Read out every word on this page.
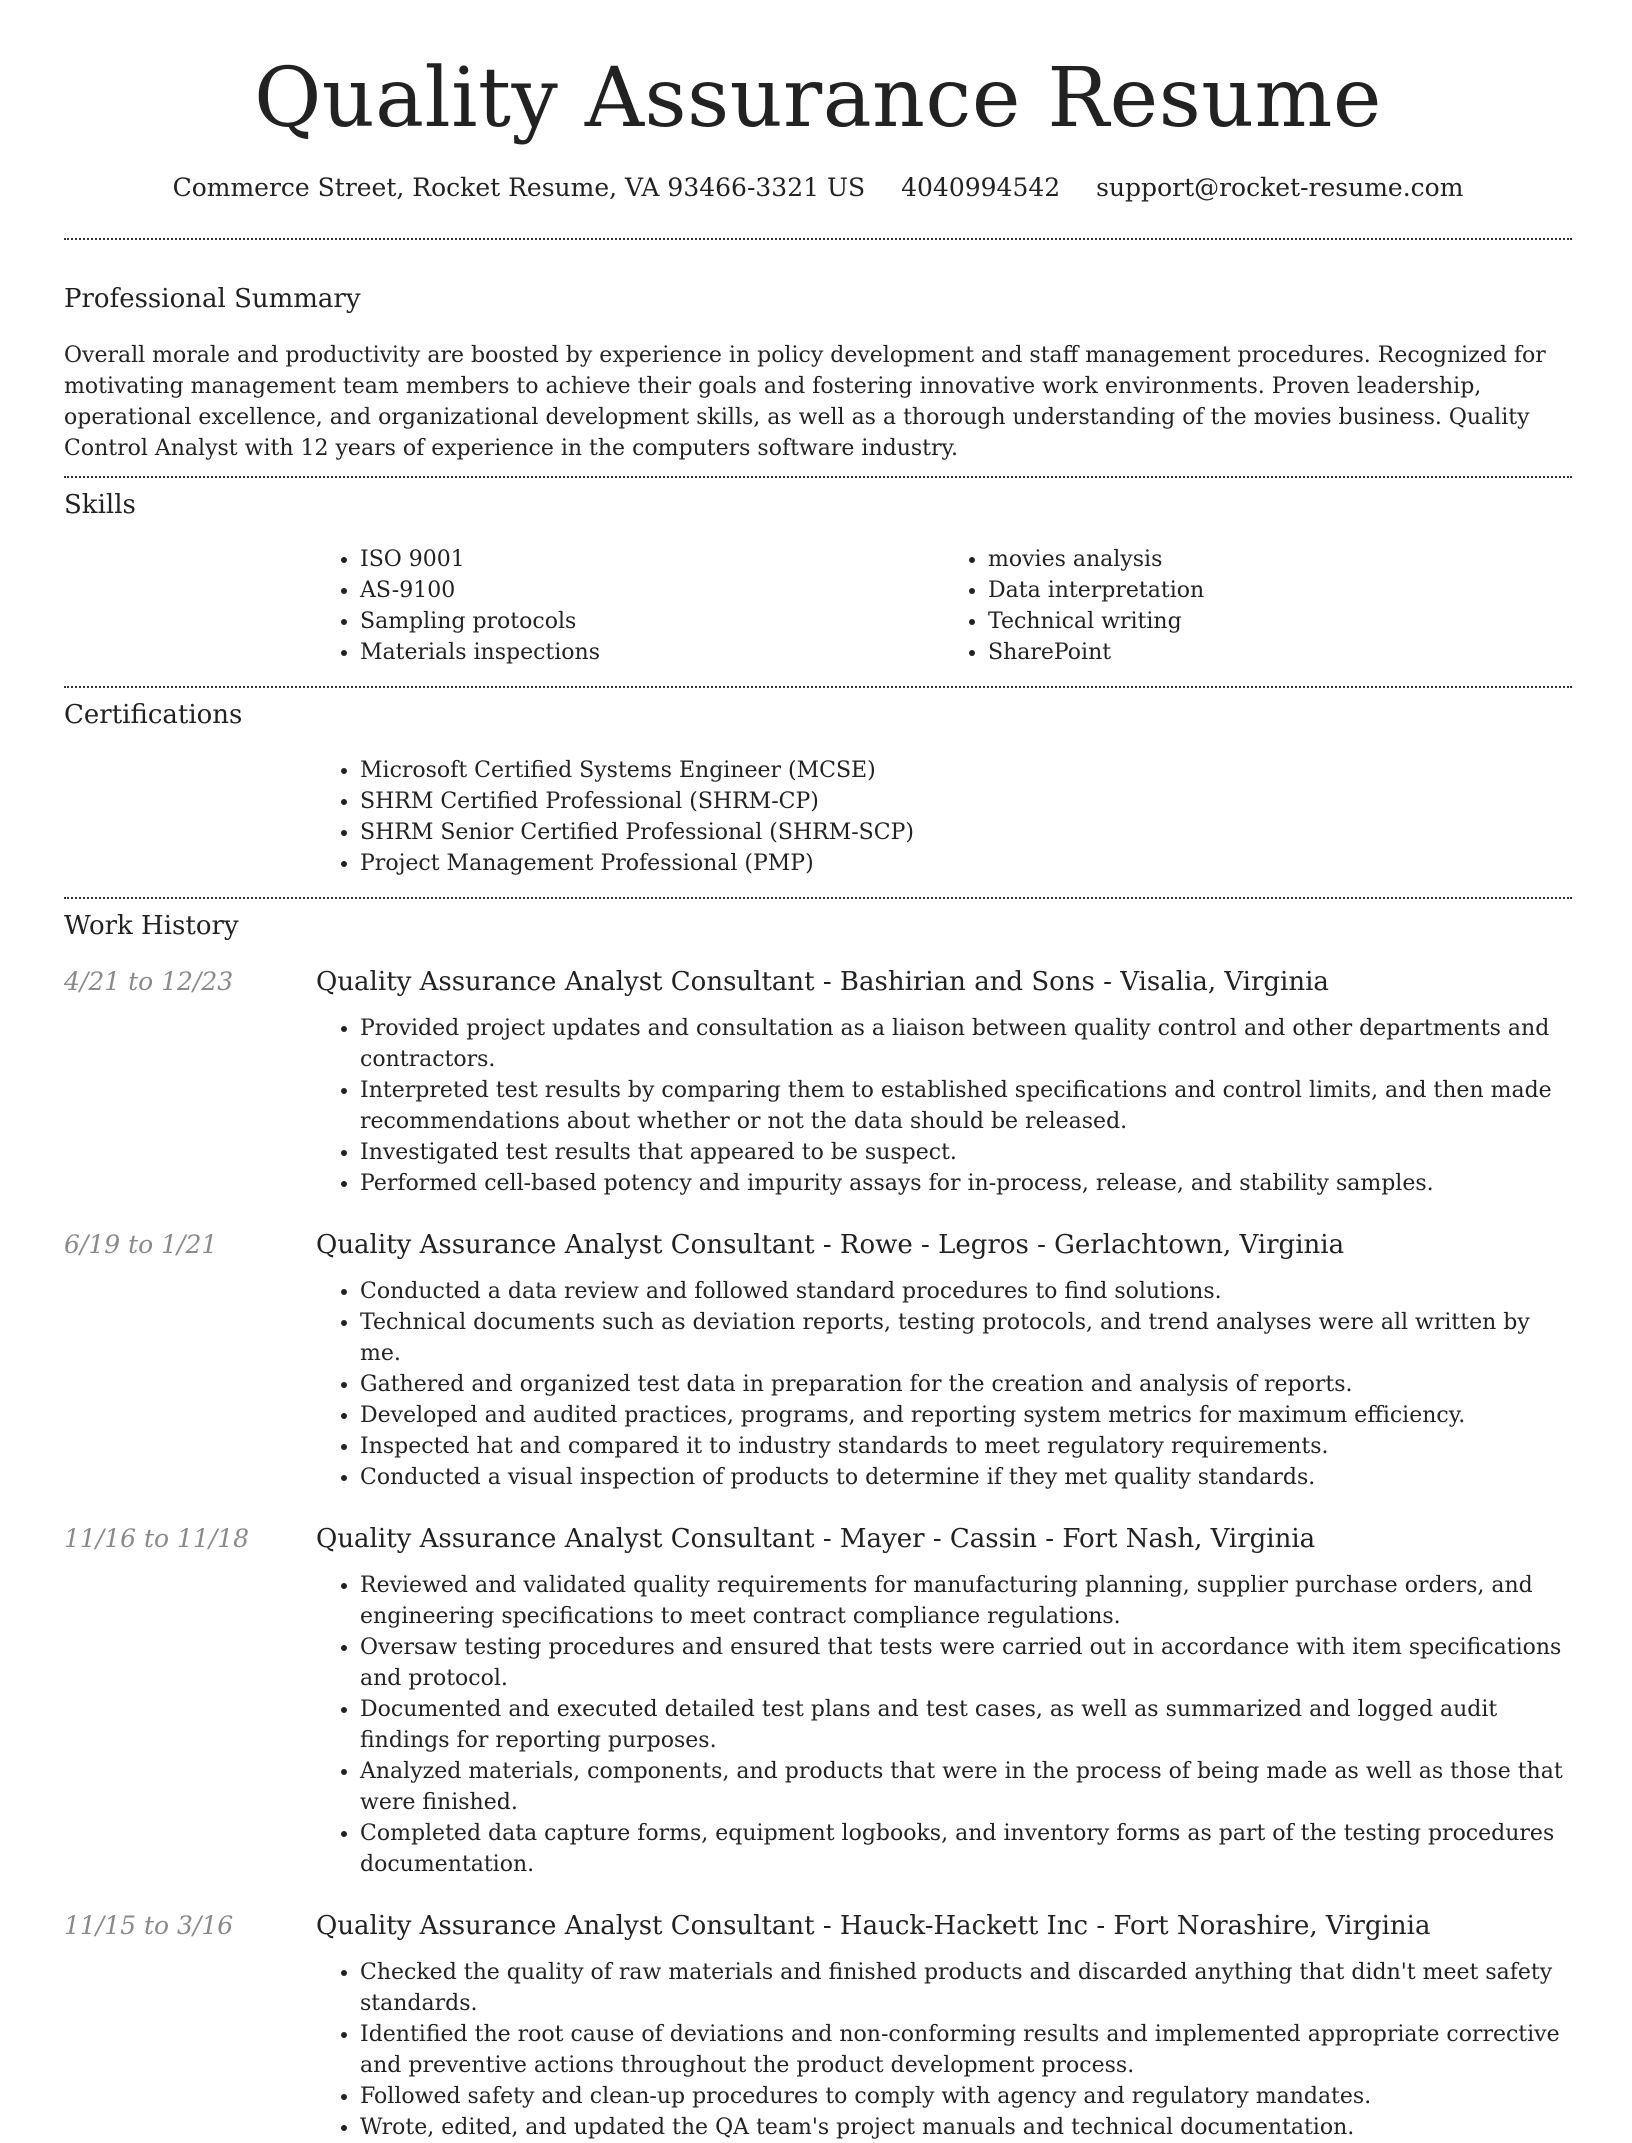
Quality Assurance Resume
Commerce Street, Rocket Resume, VA 93466-3321 US 4040994542 support@rocket-resume.com
Professional Summary

Overall morale and productivity are boosted by experience in policy development and staff management procedures. Recognized for motivating management team members to achieve their goals and fostering innovative work environments. Proven leadership, operational excellence, and organizational development skills, as well as a thorough understanding of the movies business. Quality Control Analyst with 12 years of experience in the computers software industry.

Skills
• ISO 9001
• AS-9100
• Sampling protocols
• Materials inspections
• movies analysis
• Data interpretation
• Technical writing
• SharePoint
Certifications
• Microsoft Certified Systems Engineer (MCSE)
• SHRM Certified Professional (SHRM-CP)
• SHRM Senior Certified Professional (SHRM-SCP)
• Project Management Professional (PMP)
Work History
4/21 to 12/23	Quality Assurance Analyst Consultant - Bashirian and Sons - Visalia, Virginia
• Provided project updates and consultation as a liaison between quality control and other departments and contractors.
• Interpreted test results by comparing them to established specifications and control limits, and then made recommendations about whether or not the data should be released.
• Investigated test results that appeared to be suspect.
• Performed cell-based potency and impurity assays for in-process, release, and stability samples.
6/19 to 1/21	Quality Assurance Analyst Consultant - Rowe - Legros - Gerlachtown, Virginia
• Conducted a data review and followed standard procedures to find solutions.
• Technical documents such as deviation reports, testing protocols, and trend analyses were all written by me.
• Gathered and organized test data in preparation for the creation and analysis of reports.
• Developed and audited practices, programs, and reporting system metrics for maximum efficiency.
• Inspected hat and compared it to industry standards to meet regulatory requirements.
• Conducted a visual inspection of products to determine if they met quality standards.
11/16 to 11/18	Quality Assurance Analyst Consultant - Mayer - Cassin - Fort Nash, Virginia
• Reviewed and validated quality requirements for manufacturing planning, supplier purchase orders, and engineering specifications to meet contract compliance regulations.
• Oversaw testing procedures and ensured that tests were carried out in accordance with item specifications and protocol.
• Documented and executed detailed test plans and test cases, as well as summarized and logged audit findings for reporting purposes.
• Analyzed materials, components, and products that were in the process of being made as well as those that were finished.
• Completed data capture forms, equipment logbooks, and inventory forms as part of the testing procedures documentation.
11/15 to 3/16	Quality Assurance Analyst Consultant - Hauck-Hackett Inc - Fort Norashire, Virginia
• Checked the quality of raw materials and finished products and discarded anything that didn't meet safety standards.
• Identified the root cause of deviations and non-conforming results and implemented appropriate corrective and preventive actions throughout the product development process.
• Followed safety and clean-up procedures to comply with agency and regulatory mandates.
• Wrote, edited, and updated the QA team's project manuals and technical documentation.
